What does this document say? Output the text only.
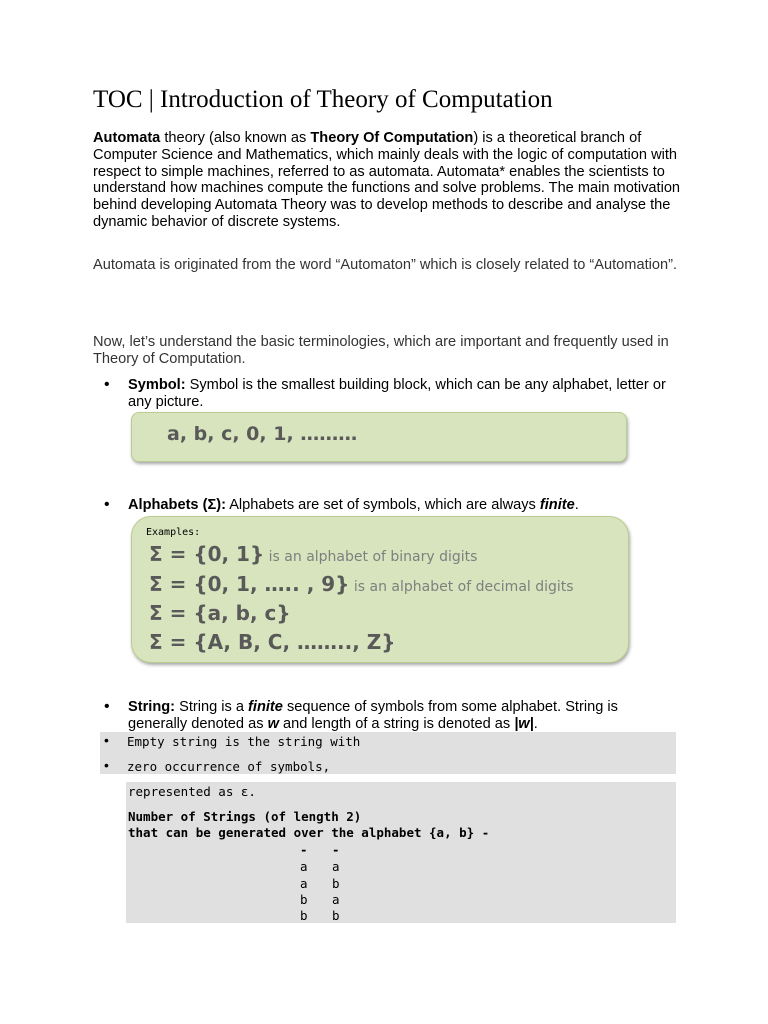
TOC | Introduction of Theory of Computation
Automata theory (also known as Theory Of Computation) is a theoretical branch of Computer Science and Mathematics, which mainly deals with the logic of computation with respect to simple machines, referred to as automata. Automata* enables the scientists to understand how machines compute the functions and solve problems. The main motivation behind developing Automata Theory was to develop methods to describe and analyse the dynamic behavior of discrete systems.
Automata is originated from the word “Automaton” which is closely related to “Automation”.
Now, let’s understand the basic terminologies, which are important and frequently used in Theory of Computation.
• Symbol: Symbol is the smallest building block, which can be any alphabet, letter or any picture.
a, b, c, 0, 1, ………
• Alphabets (Σ): Alphabets are set of symbols, which are always finite.
Examples:
Σ = {0, 1} is an alphabet of binary digits
Σ = {0, 1, ….. , 9} is an alphabet of decimal digits
Σ = {a, b, c}
Σ = {A, B, C, …….., Z}
• String: String is a finite sequence of symbols from some alphabet. String is generally denoted as w and length of a string is denoted as |w|.
• Empty string is the string with
• zero occurrence of symbols,
represented as ε.
Number of Strings (of length 2)
that can be generated over the alphabet {a, b} -
- -
a a
a b
b a
b b
